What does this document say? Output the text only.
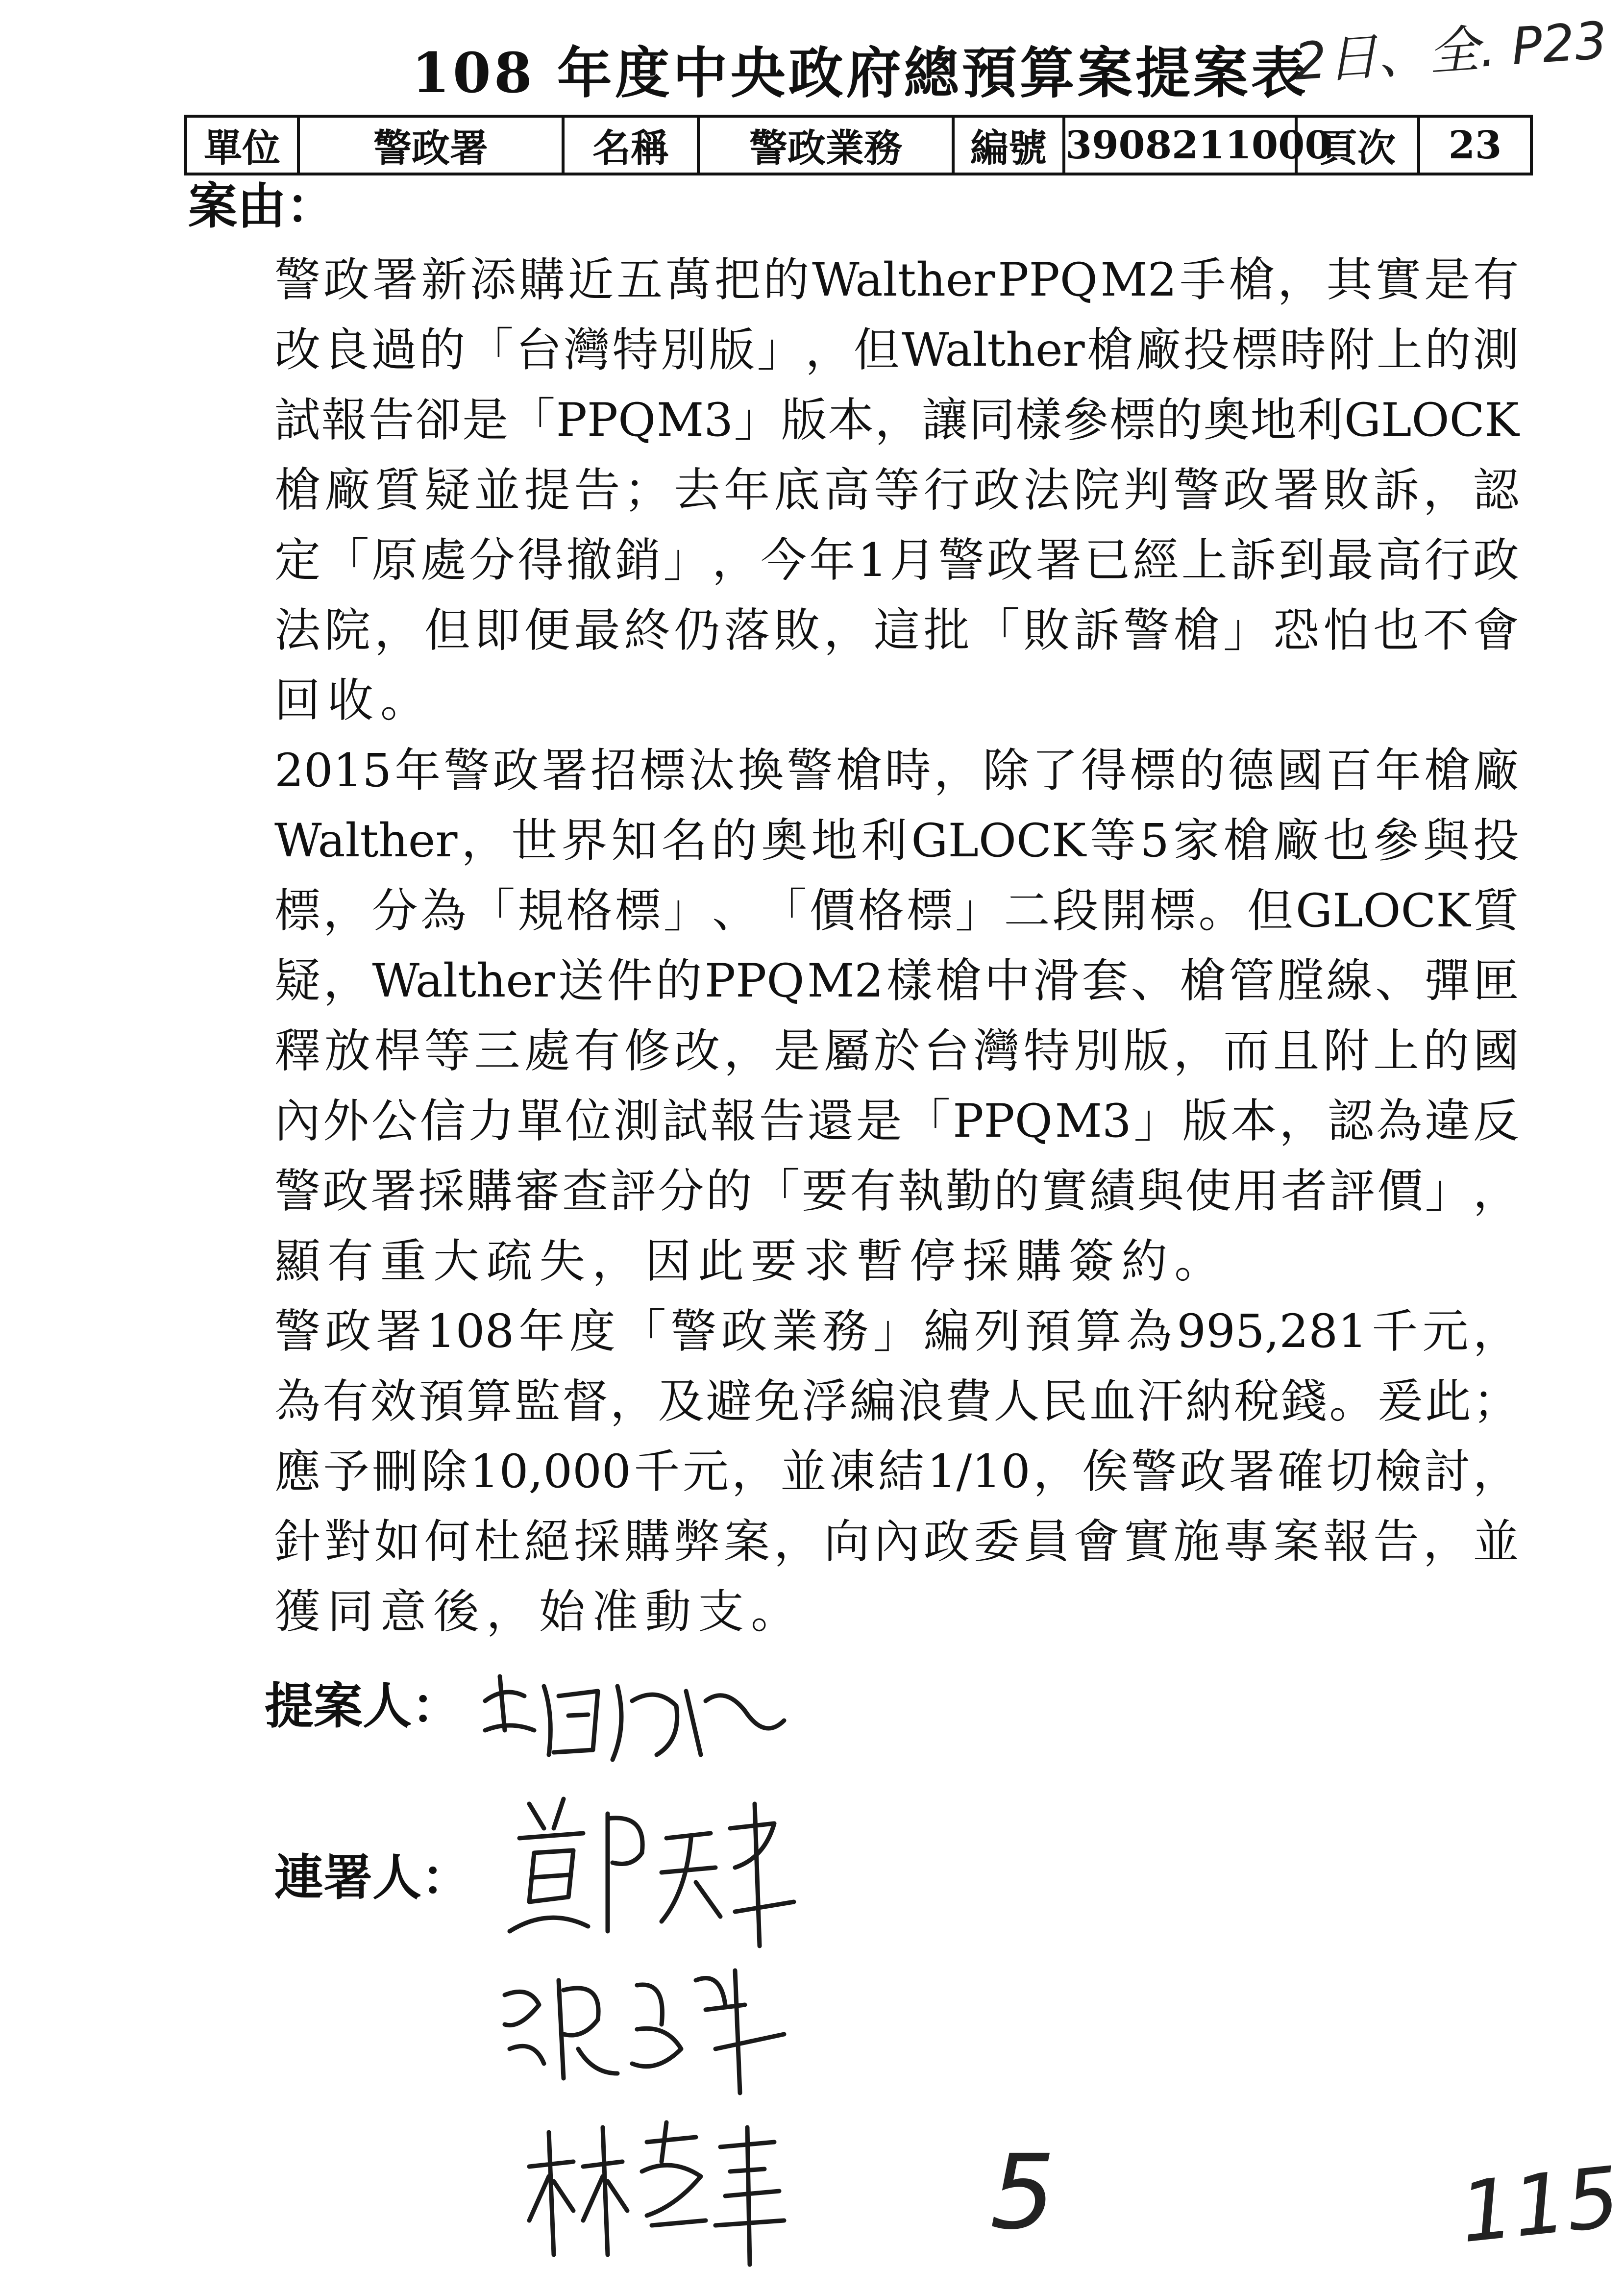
108 年度中央政府總預算案提案表
2日、全. P23
單位	警政署	名稱	警政業務	編號	3908211000	頁次	23
案由：
警 政 署 新 添 購 近 五 萬 把 的 Walther PPQ M2 手 槍 ， 其 實 是 有
改 良 過 的 「 台 灣 特 別 版 」 ， 但 Walther 槍 廠 投 標 時 附 上 的 測
試 報 告 卻 是 「 PPQ M3 」 版 本 ， 讓 同 樣 參 標 的 奧 地 利 GLOCK
槍 廠 質 疑 並 提 告 ； 去 年 底 高 等 行 政 法 院 判 警 政 署 敗 訴 ， 認
定 「 原 處 分 得 撤 銷 」 ， 今 年 1 月 警 政 署 已 經 上 訴 到 最 高 行 政
法 院 ， 但 即 便 最 終 仍 落 敗 ， 這 批 「 敗 訴 警 槍 」 恐 怕 也 不 會
回 收 。
2015 年 警 政 署 招 標 汰 換 警 槍 時 ， 除 了 得 標 的 德 國 百 年 槍 廠
Walther ， 世 界 知 名 的 奧 地 利 GLOCK 等 5 家 槍 廠 也 參 與 投
標 ， 分 為 「 規 格 標 」 、 「 價 格 標 」 二 段 開 標 。 但 GLOCK 質
疑 ， Walther 送 件 的 PPQ M2 樣 槍 中 滑 套 、 槍 管 膛 線 、 彈 匣
釋 放 桿 等 三 處 有 修 改 ， 是 屬 於 台 灣 特 別 版 ， 而 且 附 上 的 國
內 外 公 信 力 單 位 測 試 報 告 還 是 「 PPQ M3 」 版 本 ， 認 為 違 反
警 政 署 採 購 審 查 評 分 的 「 要 有 執 勤 的 實 績 與 使 用 者 評 價 」 ，
顯 有 重 大 疏 失 ， 因 此 要 求 暫 停 採 購 簽 約 。
警 政 署 108 年 度 「 警 政 業 務 」 編 列 預 算 為 995,281 千 元 ，
為 有 效 預 算 監 督 ， 及 避 免 浮 編 浪 費 人 民 血 汗 納 稅 錢 。 爰 此 ；
應 予 刪 除 10,000 千 元 ， 並 凍 結 1/10 ， 俟 警 政 署 確 切 檢 討 ，
針 對 如 何 杜 絕 採 購 弊 案 ， 向 內 政 委 員 會 實 施 專 案 報 告 ， 並
獲 同 意 後 ， 始 准 動 支 。
提案人：
連署人：
5	115
